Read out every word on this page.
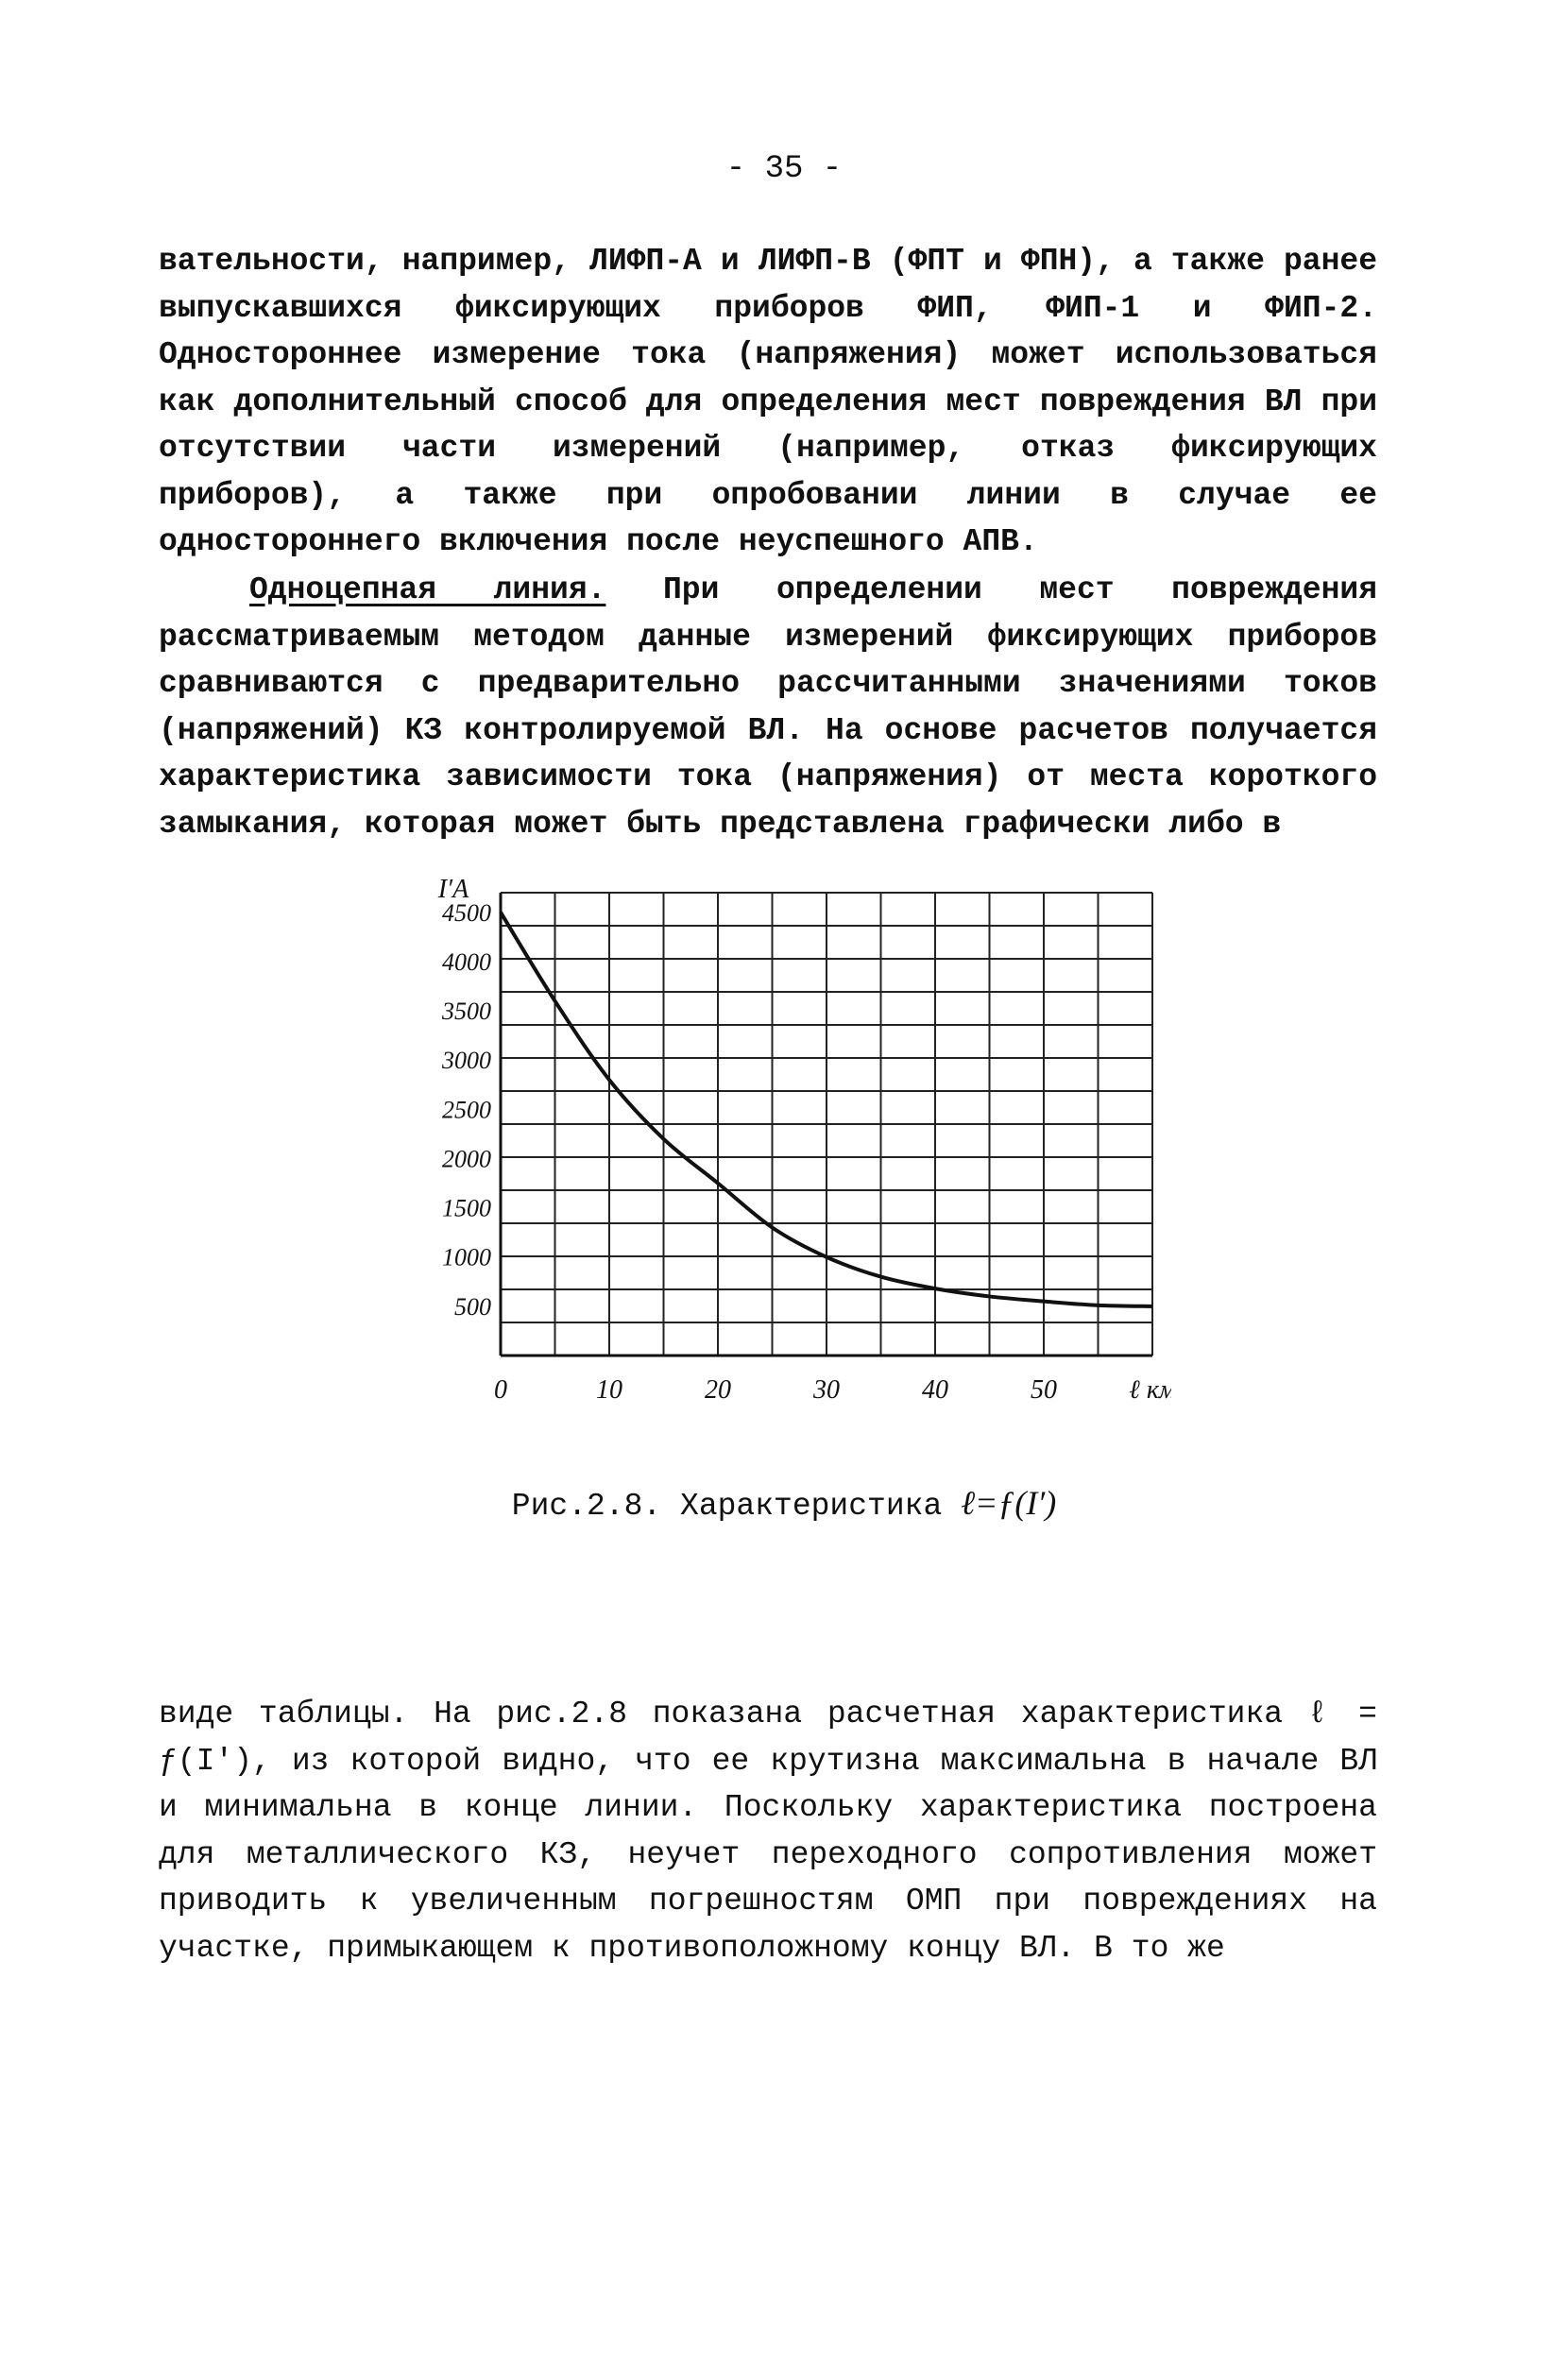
- 35 -

вательности, например, ЛИФП-А и ЛИФП-В (ФПТ и ФПН), а также ранее выпускавшихся фиксирующих приборов ФИП, ФИП-1 и ФИП-2. Одностороннее измерение тока (напряжения) может использоваться как дополнительный способ для определения мест повреждения ВЛ при отсутствии части измерений (например, отказ фиксирующих приборов), а также при опробовании линии в случае ее одностороннего включения после неуспешного АПВ.

Одноцепная линия. При определении мест повреждения рассматриваемым методом данные измерений фиксирующих приборов сравниваются с предварительно рассчитанными значениями токов (напряжений) КЗ контролируемой ВЛ. На основе расчетов получается характеристика зависимости тока (напряжения) от места короткого замыкания, которая может быть представлена графически либо в

500
1000
1500
2000
2500
3000
3500
4000
4500
I′A
0	10	20	30	40	50	ℓ км
Рис.2.8. Характеристика ℓ=ƒ(I′)

виде таблицы. На рис.2.8 показана расчетная характеристика ℓ = ƒ(I′), из которой видно, что ее крутизна максимальна в начале ВЛ и минимальна в конце линии. Поскольку характеристика построена для металлического КЗ, неучет переходного сопротивления может приводить к увеличенным погрешностям ОМП при повреждениях на участке, примыкающем к противоположному концу ВЛ. В то же
